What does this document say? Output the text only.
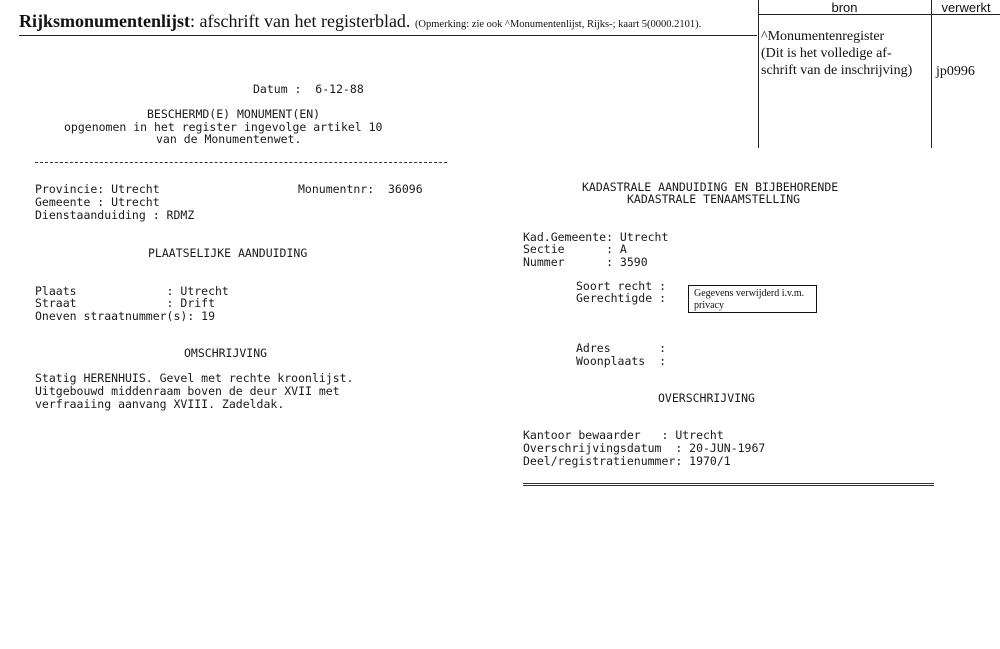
Rijksmonumentenlijst: afschrift van het registerblad. (Opmerking: zie ook ^Monumentenlijst, Rijks-; kaart 5(0000.2101).
bron	verwerkt
^Monumentenregister
(Dit is het volledige af-
schrift van de inschrijving) jp0996
Datum :  6-12-88
BESCHERMD(E) MONUMENT(EN)
opgenomen in het register ingevolge artikel 10
van de Monumentenwet.
Provincie: Utrecht	Monumentnr:  36096
Gemeente : Utrecht
Dienstaanduiding : RDMZ
PLAATSELIJKE AANDUIDING
Plaats             : Utrecht
Straat             : Drift
Oneven straatnummer(s): 19
OMSCHRIJVING
Statig HERENHUIS. Gevel met rechte kroonlijst.
Uitgebouwd middenraam boven de deur XVII met
verfraaiing aanvang XVIII. Zadeldak.
KADASTRALE AANDUIDING EN BIJBEHORENDE
KADASTRALE TENAAMSTELLING
Kad.Gemeente: Utrecht
Sectie      : A
Nummer      : 3590
Soort recht :
Gerechtigde :	Gegevens verwijderd i.v.m. privacy
Adres       :
Woonplaats  :
OVERSCHRIJVING
Kantoor bewaarder   : Utrecht
Overschrijvingsdatum  : 20-JUN-1967
Deel/registratienummer: 1970/1
